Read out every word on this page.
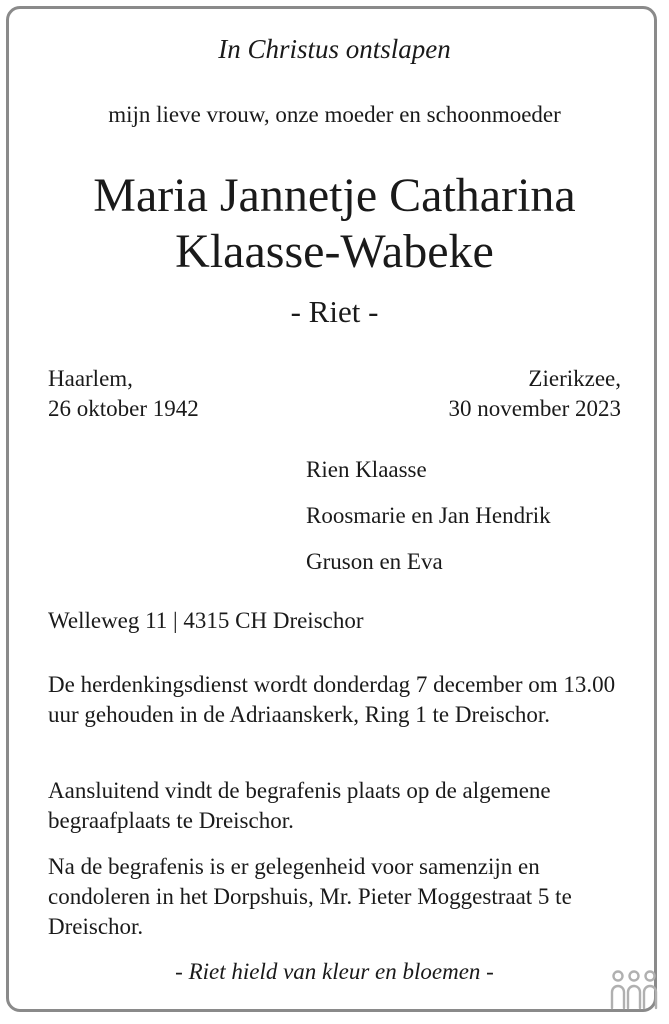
In Christus ontslapen
mijn lieve vrouw, onze moeder en schoonmoeder
Maria Jannetje Catharina
Klaasse-Wabeke
- Riet -
Haarlem,
26 oktober 1942
Zierikzee,
30 november 2023
Rien Klaasse
Roosmarie en Jan Hendrik
Gruson en Eva
Welleweg 11 | 4315 CH Dreischor
De herdenkingsdienst wordt donderdag 7 december om 13.00 uur gehouden in de Adriaanskerk, Ring 1 te Dreischor.
Aansluitend vindt de begrafenis plaats op de algemene begraafplaats te Dreischor.
Na de begrafenis is er gelegenheid voor samenzijn en condoleren in het Dorpshuis, Mr. Pieter Moggestraat 5 te Dreischor.
- Riet hield van kleur en bloemen -
